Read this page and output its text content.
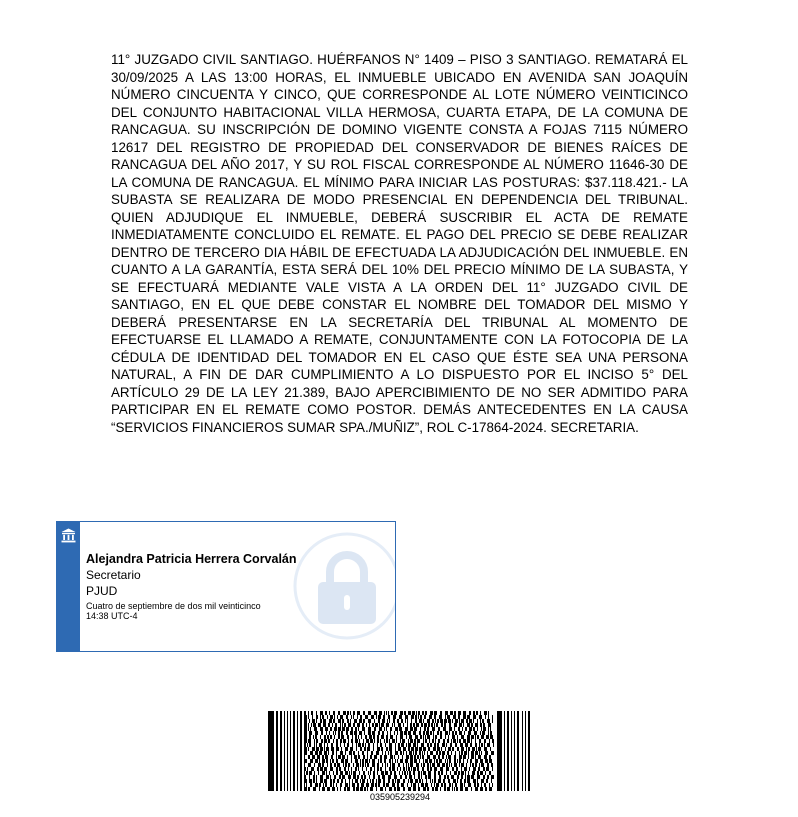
11° JUZGADO CIVIL SANTIAGO. HUÉRFANOS N° 1409 – PISO 3 SANTIAGO. REMATARÁ EL 30/09/2025 A LAS 13:00 HORAS, EL INMUEBLE UBICADO EN AVENIDA SAN JOAQUÍN NÚMERO CINCUENTA Y CINCO, QUE CORRESPONDE AL LOTE NÚMERO VEINTICINCO DEL CONJUNTO HABITACIONAL VILLA HERMOSA, CUARTA ETAPA, DE LA COMUNA DE RANCAGUA. SU INSCRIPCIÓN DE DOMINO VIGENTE CONSTA A FOJAS 7115 NÚMERO 12617 DEL REGISTRO DE PROPIEDAD DEL CONSERVADOR DE BIENES RAÍCES DE RANCAGUA DEL AÑO 2017, Y SU ROL FISCAL CORRESPONDE AL NÚMERO 11646-30 DE LA COMUNA DE RANCAGUA. EL MÍNIMO PARA INICIAR LAS POSTURAS: $37.118.421.- LA SUBASTA SE REALIZARA DE MODO PRESENCIAL EN DEPENDENCIA DEL TRIBUNAL. QUIEN ADJUDIQUE EL INMUEBLE, DEBERÁ SUSCRIBIR EL ACTA DE REMATE INMEDIATAMENTE CONCLUIDO EL REMATE. EL PAGO DEL PRECIO SE DEBE REALIZAR DENTRO DE TERCERO DIA HÁBIL DE EFECTUADA LA ADJUDICACIÓN DEL INMUEBLE. EN CUANTO A LA GARANTÍA, ESTA SERÁ DEL 10% DEL PRECIO MÍNIMO DE LA SUBASTA, Y SE EFECTUARÁ MEDIANTE VALE VISTA A LA ORDEN DEL 11° JUZGADO CIVIL DE SANTIAGO, EN EL QUE DEBE CONSTAR EL NOMBRE DEL TOMADOR DEL MISMO Y DEBERÁ PRESENTARSE EN LA SECRETARÍA DEL TRIBUNAL AL MOMENTO DE EFECTUARSE EL LLAMADO A REMATE, CONJUNTAMENTE CON LA FOTOCOPIA DE LA CÉDULA DE IDENTIDAD DEL TOMADOR EN EL CASO QUE ÉSTE SEA UNA PERSONA NATURAL, A FIN DE DAR CUMPLIMIENTO A LO DISPUESTO POR EL INCISO 5° DEL ARTÍCULO 29 DE LA LEY 21.389, BAJO APERCIBIMIENTO DE NO SER ADMITIDO PARA PARTICIPAR EN EL REMATE COMO POSTOR. DEMÁS ANTECEDENTES EN LA CAUSA “SERVICIOS FINANCIEROS SUMAR SPA./MUÑIZ”, ROL C-17864-2024. SECRETARIA.

Alejandra Patricia Herrera Corvalán
Secretario
PJUD
Cuatro de septiembre de dos mil veinticinco
14:38 UTC-4
035905239294
